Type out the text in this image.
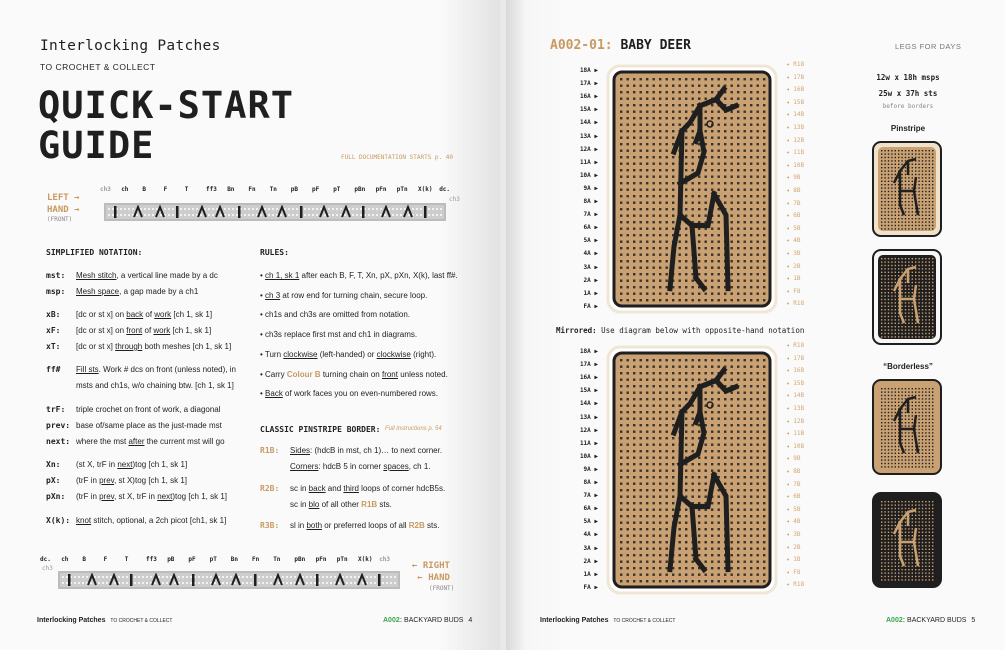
Interlocking Patches
TO CROCHET & COLLECT
QUICK-START
GUIDE	FULL DOCUMENTATION STARTS p. 40
LEFT →
HAND →
(FRONT)
ch3 ch B	F	T	ff3 Bn Fn Tn pB pF pT pBn pFn pTn X(k) dc.
ch3
SIMPLIFIED NOTATION:
mst:	Mesh stitch, a vertical line made by a dc
msp:	Mesh space, a gap made by a ch1
xB:	[dc or st x] on back of work [ch 1, sk 1]
xF:	[dc or st x] on front of work [ch 1, sk 1]
xT:	[dc or st x] through both meshes [ch 1, sk 1]
ff#	Fill sts. Work # dcs on front (unless noted), in
msts and ch1s, w/o chaining btw. [ch 1, sk 1]
trF:	triple crochet on front of work, a diagonal
prev: base of/same place as the just-made mst
next: where the mst after the current mst will go
Xn:	(st X, trF in next)tog [ch 1, sk 1]
pX:	(trF in prev, st X)tog [ch 1, sk 1]
pXn:	(trF in prev, st X, trF in next)tog [ch 1, sk 1]
X(k): knot stitch, optional, a 2ch picot [ch1, sk 1]
RULES:
• ch 1, sk 1 after each B, F, T, Xn, pX, pXn, X(k), last ff#.
• ch 3 at row end for turning chain, secure loop.
• ch1s and ch3s are omitted from notation.
• ch3s replace first mst and ch1 in diagrams.
• Turn clockwise (left-handed) or clockwise (right).
• Carry Colour B turning chain on front unless noted.
• Back of work faces you on even-numbered rows.
CLASSIC PINSTRIPE BORDER: Full instructions p. 54
R1B: Sides: (hdcB in mst, ch 1)… to next corner.
Corners: hdcB 5 in corner spaces, ch 1.
R2B: sc in back and third loops of corner hdcB5s.
sc in blo of all other R1B sts.
R3B: sl in both or preferred loops of all R2B sts.
dc. ch B	F	T	ff3 pB pF pT Bn Fn Tn pBn pFn pTn X(k) ch3
ch3	← RIGHT
← HAND
(FRONT)
Interlocking Patches TO CROCHET & COLLECT	A002: BACKYARD BUDS 4
A002-01: BABY DEER	LEGS FOR DAYS
12w x 18h msps
25w x 37h sts
before borders
Pinstripe
“Borderless”
18A ▶
17A ▶
16A ▶
15A ▶
14A ▶
13A ▶
12A ▶
11A ▶
10A ▶
9A ▶
8A ▶
7A ▶
6A ▶
5A ▶
4A ▶
3A ▶
2A ▶
1A ▶
FA ▶
◂ R18
◂ 17B
◂ 16B
◂ 15B
◂ 14B
◂ 13B
◂ 12B
◂ 11B
◂ 10B
◂ 9B
◂ 8B
◂ 7B
◂ 6B
◂ 5B
◂ 4B
◂ 3B
◂ 2B
◂ 1B
◂ F8
◂ R18
Mirrored: Use diagram below with opposite-hand notation
18A ▶
17A ▶
16A ▶
15A ▶
14A ▶
13A ▶
12A ▶
11A ▶
10A ▶
9A ▶
8A ▶
7A ▶
6A ▶
5A ▶
4A ▶
3A ▶
2A ▶
1A ▶
FA ▶
◂ R18
◂ 17B
◂ 16B
◂ 15B
◂ 14B
◂ 13B
◂ 12B
◂ 11B
◂ 10B
◂ 9B
◂ 8B
◂ 7B
◂ 6B
◂ 5B
◂ 4B
◂ 3B
◂ 2B
◂ 1B
◂ F8
◂ R18
Interlocking Patches TO CROCHET & COLLECT	A002: BACKYARD BUDS 5
